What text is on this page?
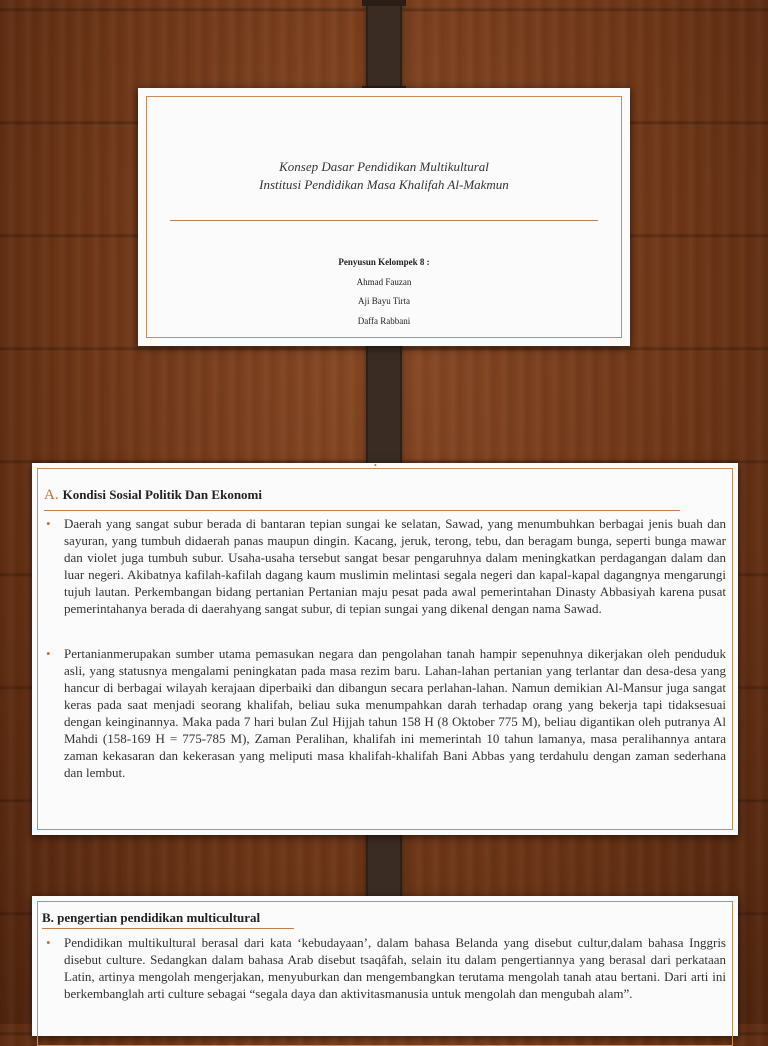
Konsep Dasar Pendidikan Multikultural
Institusi Pendidikan Masa Khalifah Al-Makmun
Penyusun Kelompek 8 :
Ahmad Fauzan
Aji Bayu Tirta
Daffa Rabbani
•
A. Kondisi Sosial Politik Dan Ekonomi
• Daerah yang sangat subur berada di bantaran tepian sungai ke selatan, Sawad, yang menumbuhkan berbagai jenis buah dan sayuran, yang tumbuh didaerah panas maupun dingin. Kacang, jeruk, terong, tebu, dan beragam bunga, seperti bunga mawar dan violet juga tumbuh subur. Usaha-usaha tersebut sangat besar pengaruhnya dalam meningkatkan perdagangan dalam dan luar negeri. Akibatnya kafilah-kafilah dagang kaum muslimin melintasi segala negeri dan kapal-kapal dagangnya mengarungi tujuh lautan. Perkembangan bidang pertanian Pertanian maju pesat pada awal pemerintahan Dinasty Abbasiyah karena pusat pemerintahanya berada di daerahyang sangat subur, di tepian sungai yang dikenal dengan nama Sawad.
• Pertanianmerupakan sumber utama pemasukan negara dan pengolahan tanah hampir sepenuhnya dikerjakan oleh penduduk asli, yang statusnya mengalami peningkatan pada masa rezim baru. Lahan-lahan pertanian yang terlantar dan desa-desa yang hancur di berbagai wilayah kerajaan diperbaiki dan dibangun secara perlahan-lahan. Namun demikian Al-Mansur juga sangat keras pada saat menjadi seorang khalifah, beliau suka menumpahkan darah terhadap orang yang bekerja tapi tidaksesuai dengan keinginannya. Maka pada 7 hari bulan Zul Hijjah tahun 158 H (8 Oktober 775 M), beliau digantikan oleh putranya Al Mahdi (158-169 H = 775-785 M), Zaman Peralihan, khalifah ini memerintah 10 tahun lamanya, masa peralihannya antara zaman kekasaran dan kekerasan yang meliputi masa khalifah-khalifah Bani Abbas yang terdahulu dengan zaman sederhana dan lembut.
B. pengertian pendidikan multicultural
• Pendidikan multikultural berasal dari kata ‘kebudayaan’, dalam bahasa Belanda yang disebut cultur,dalam bahasa Inggris disebut culture. Sedangkan dalam bahasa Arab disebut tsaqâfah, selain itu dalam pengertiannya yang berasal dari perkataan Latin, artinya mengolah mengerjakan, menyuburkan dan mengembangkan terutama mengolah tanah atau bertani. Dari arti ini berkembanglah arti culture sebagai “segala daya dan aktivitasmanusia untuk mengolah dan mengubah alam”.
